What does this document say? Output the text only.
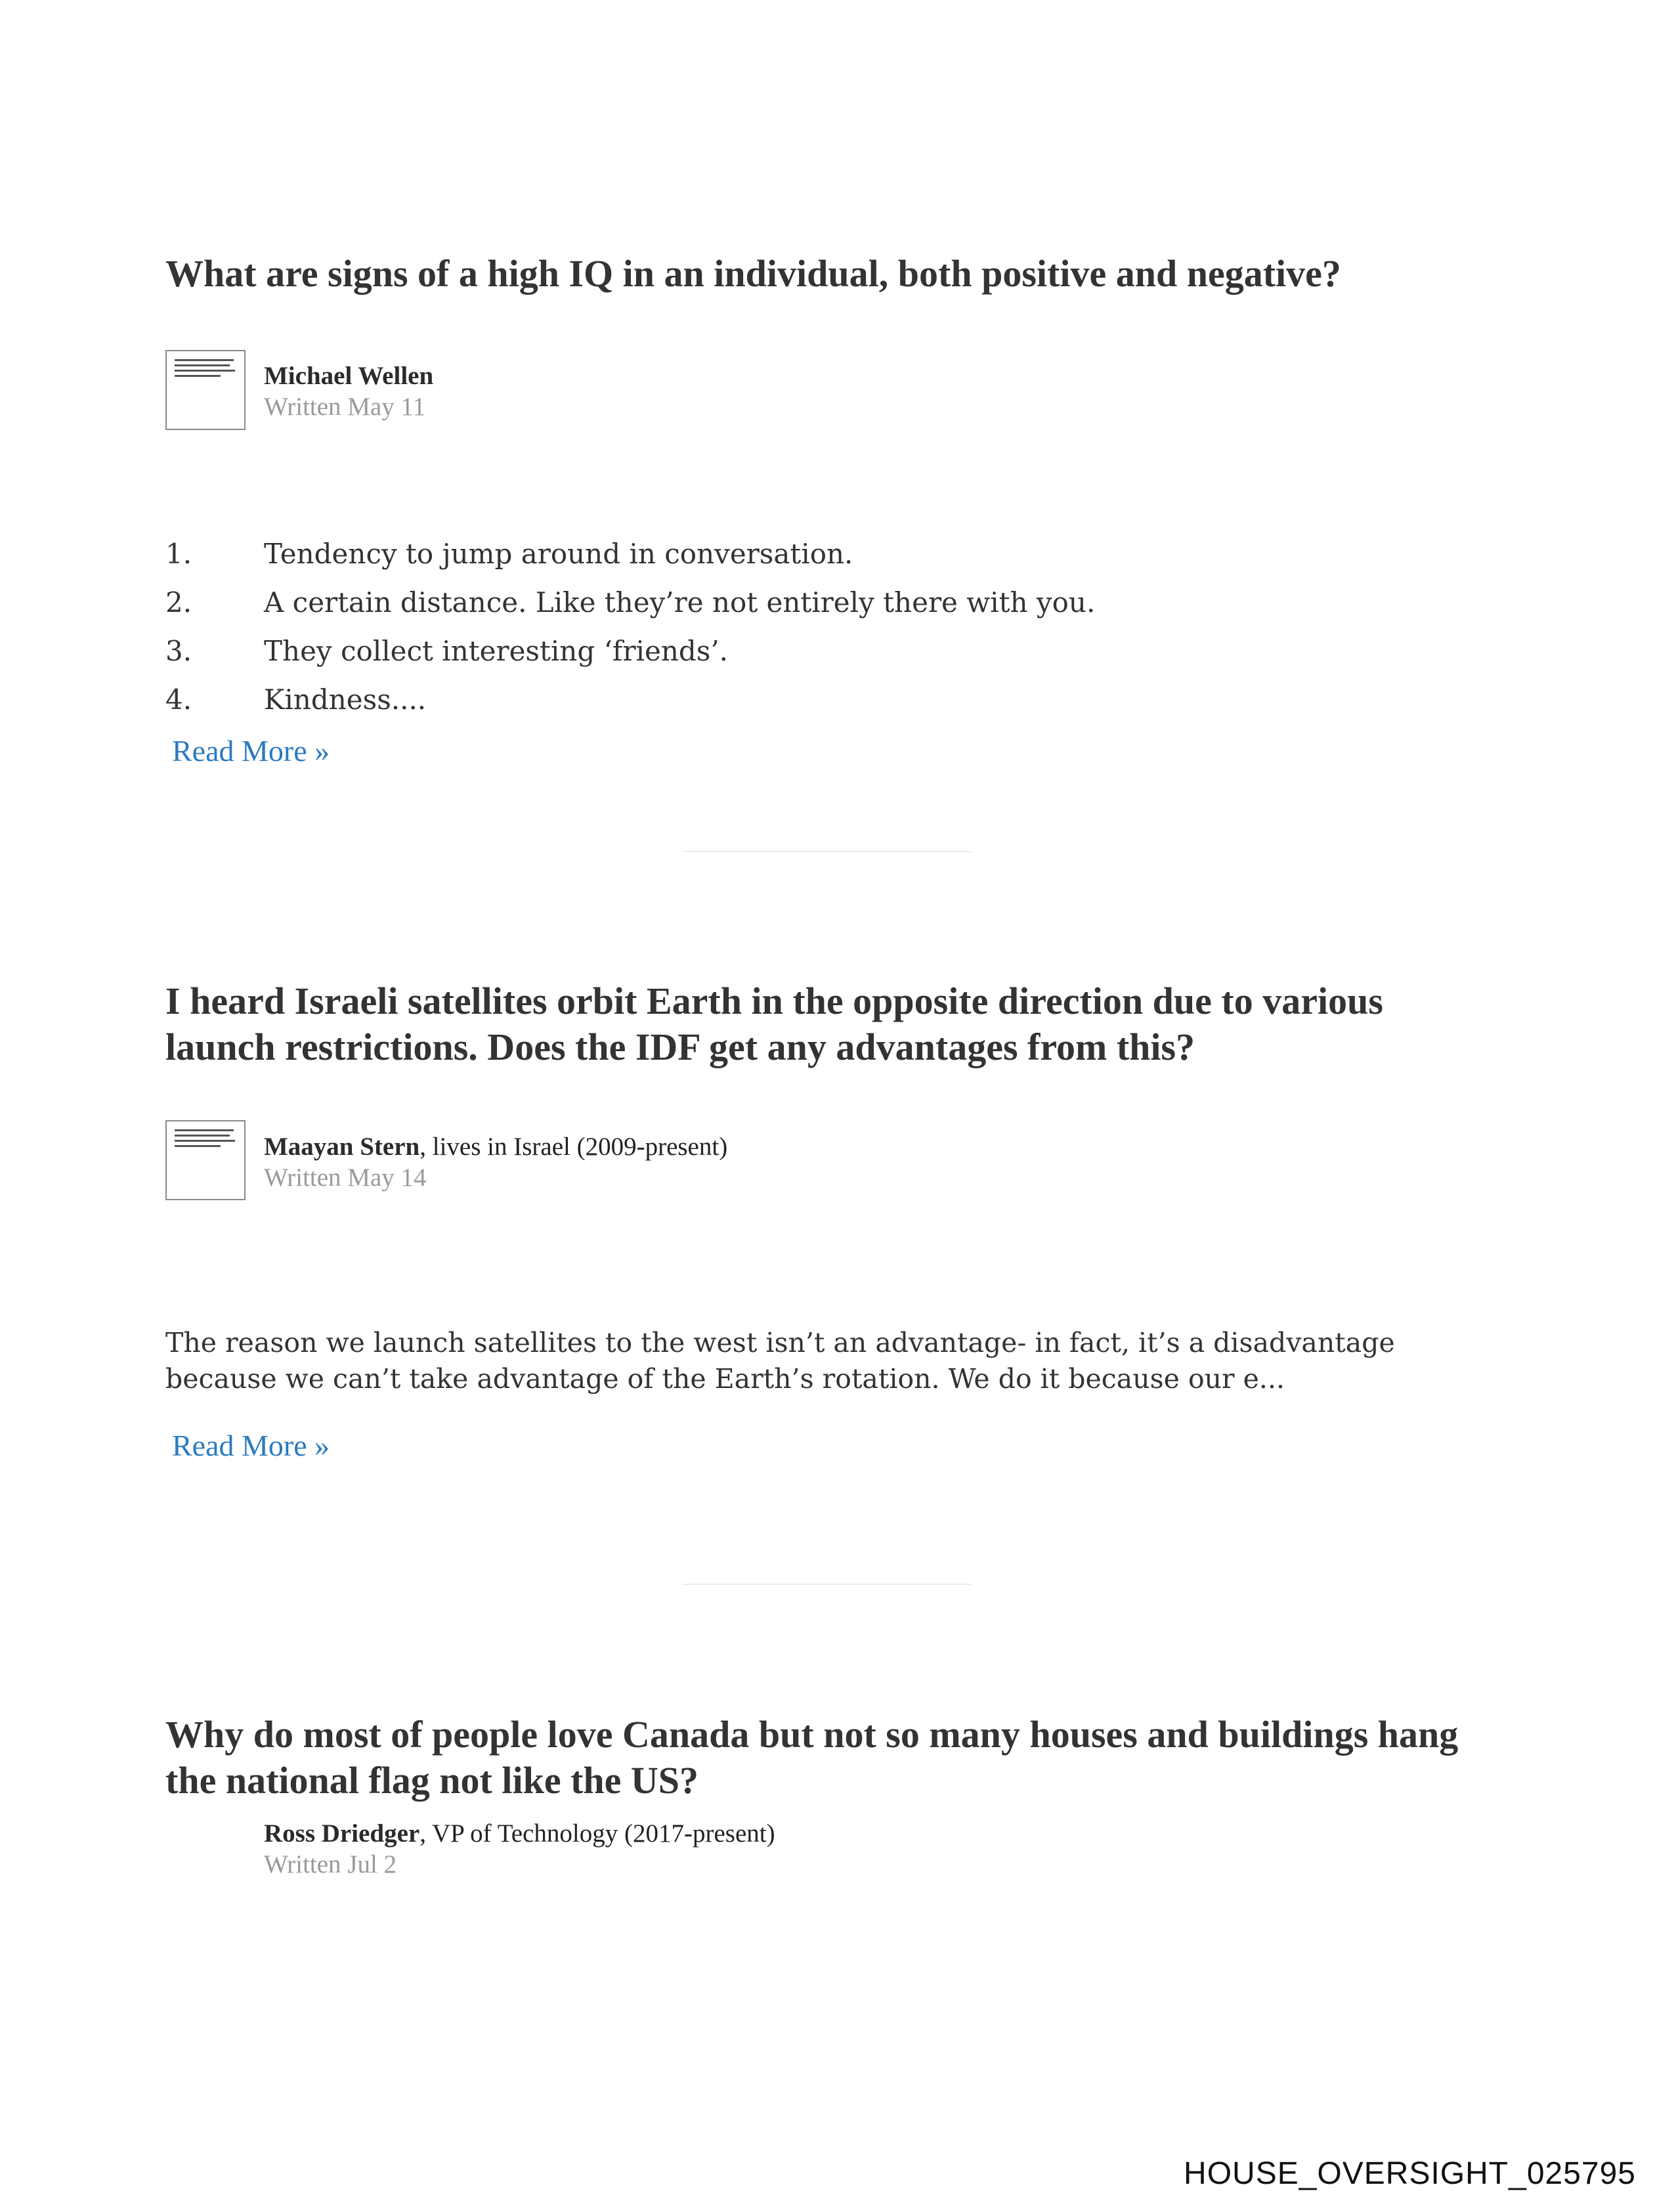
What are signs of a high IQ in an individual, both positive and negative?
Michael Wellen
Written May 11
1.	Tendency to jump around in conversation.
2.	A certain distance. Like they’re not entirely there with you.
3.	They collect interesting ‘friends’.
4.	Kindness....
Read More »
I heard Israeli satellites orbit Earth in the opposite direction due to various launch restrictions. Does the IDF get any advantages from this?
Maayan Stern, lives in Israel (2009-present)
Written May 14

The reason we launch satellites to the west isn’t an advantage- in fact, it’s a disadvantage because we can’t take advantage of the Earth’s rotation. We do it because our e...

Read More »
Why do most of people love Canada but not so many houses and buildings hang the national flag not like the US?
Ross Driedger, VP of Technology (2017-present)
Written Jul 2
HOUSE_OVERSIGHT_025795
